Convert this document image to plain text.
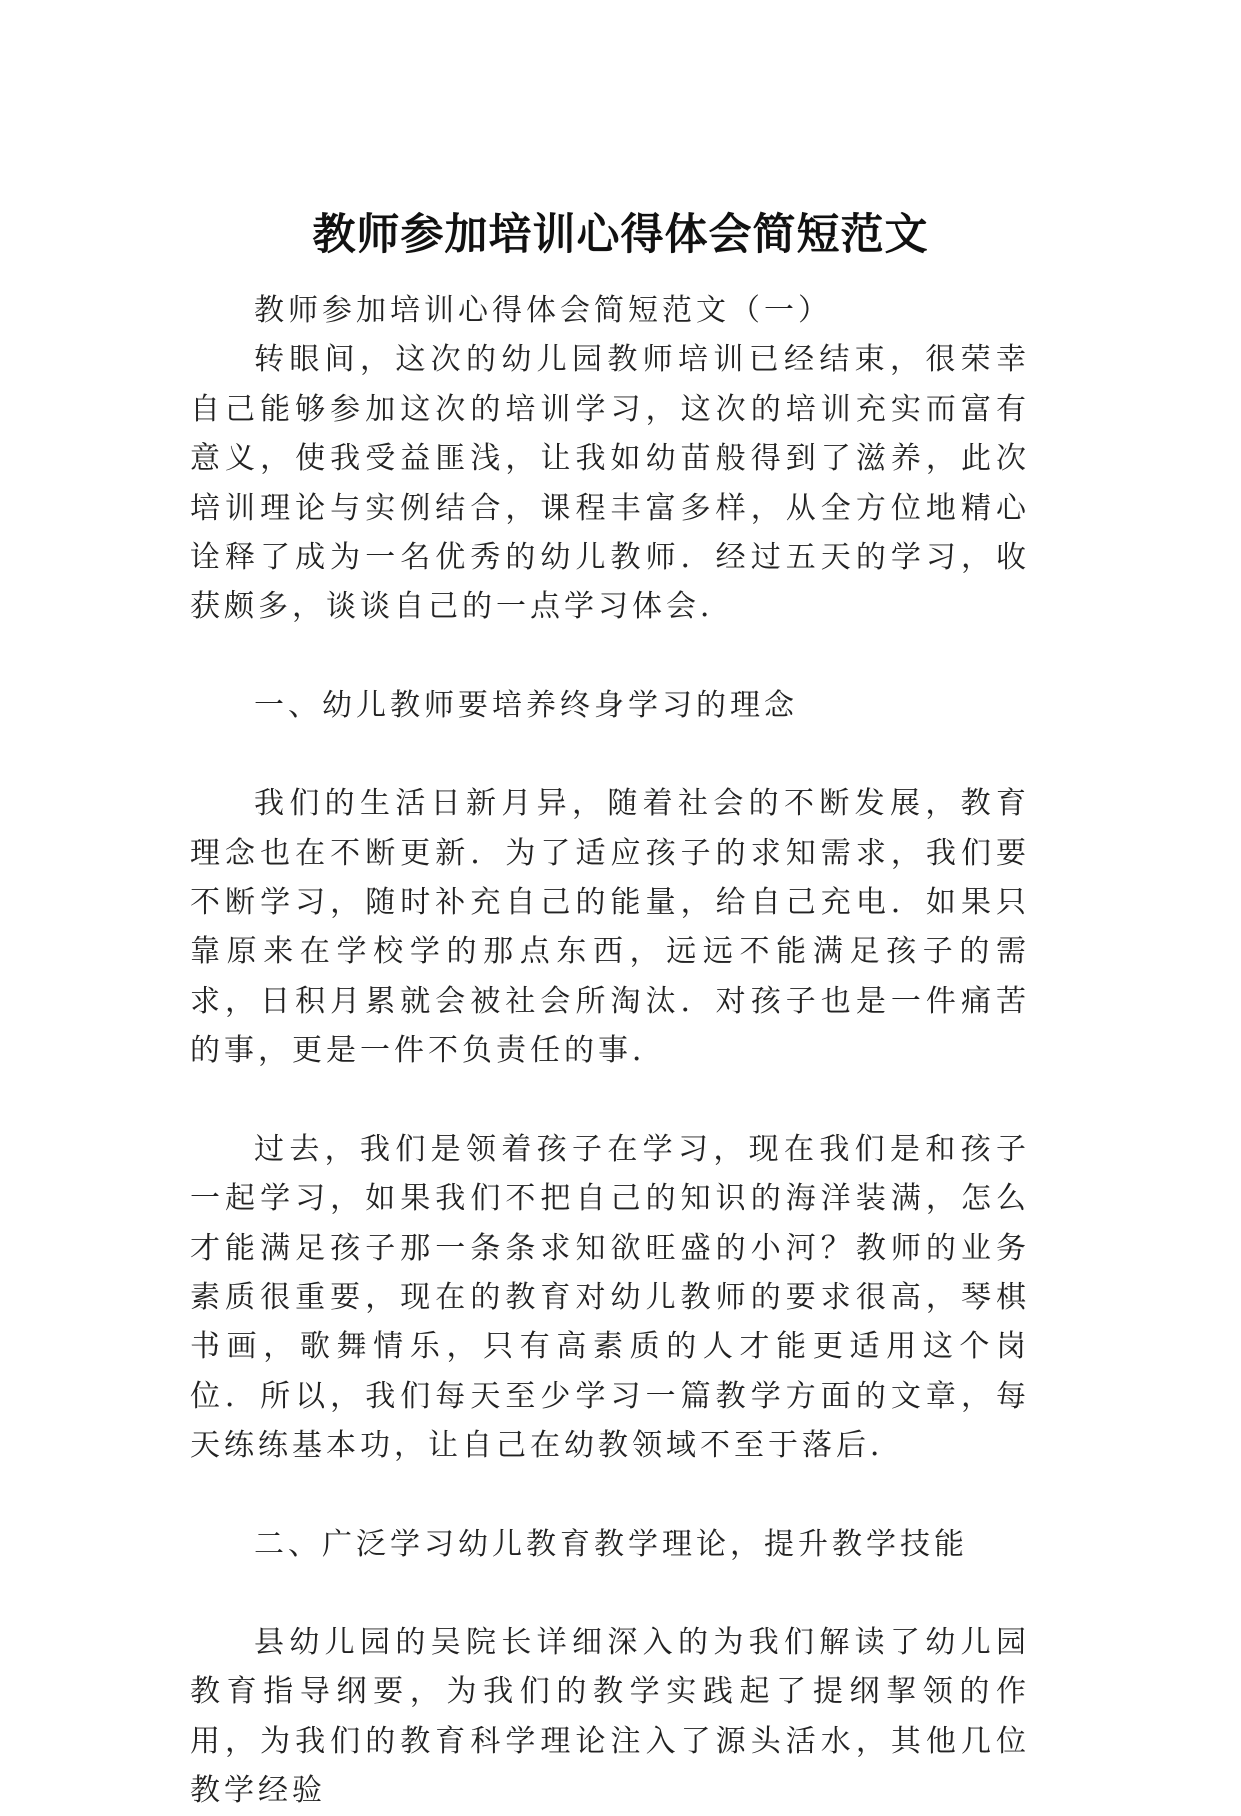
教师参加培训心得体会简短范文

教师参加培训心得体会简短范文（一）

转眼间，这次的幼儿园教师培训已经结束，很荣幸自己能够参加这次的培训学习，这次的培训充实而富有意义，使我受益匪浅，让我如幼苗般得到了滋养，此次培训理论与实例结合，课程丰富多样，从全方位地精心诠释了成为一名优秀的幼儿教师．经过五天的学习，收获颇多，谈谈自己的一点学习体会．

一、幼儿教师要培养终身学习的理念

我们的生活日新月异，随着社会的不断发展，教育理念也在不断更新．为了适应孩子的求知需求，我们要不断学习，随时补充自己的能量，给自己充电．如果只靠原来在学校学的那点东西，远远不能满足孩子的需求，日积月累就会被社会所淘汰．对孩子也是一件痛苦的事，更是一件不负责任的事．

过去，我们是领着孩子在学习，现在我们是和孩子一起学习，如果我们不把自己的知识的海洋装满，怎么才能满足孩子那一条条求知欲旺盛的小河？教师的业务素质很重要，现在的教育对幼儿教师的要求很高，琴棋书画，歌舞情乐，只有高素质的人才能更适用这个岗位．所以，我们每天至少学习一篇教学方面的文章，每天练练基本功，让自己在幼教领域不至于落后．

二、广泛学习幼儿教育教学理论，提升教学技能

县幼儿园的吴院长详细深入的为我们解读了幼儿园教育指导纲要，为我们的教学实践起了提纲挈领的作用，为我们的教育科学理论注入了源头活水，其他几位教学经验
